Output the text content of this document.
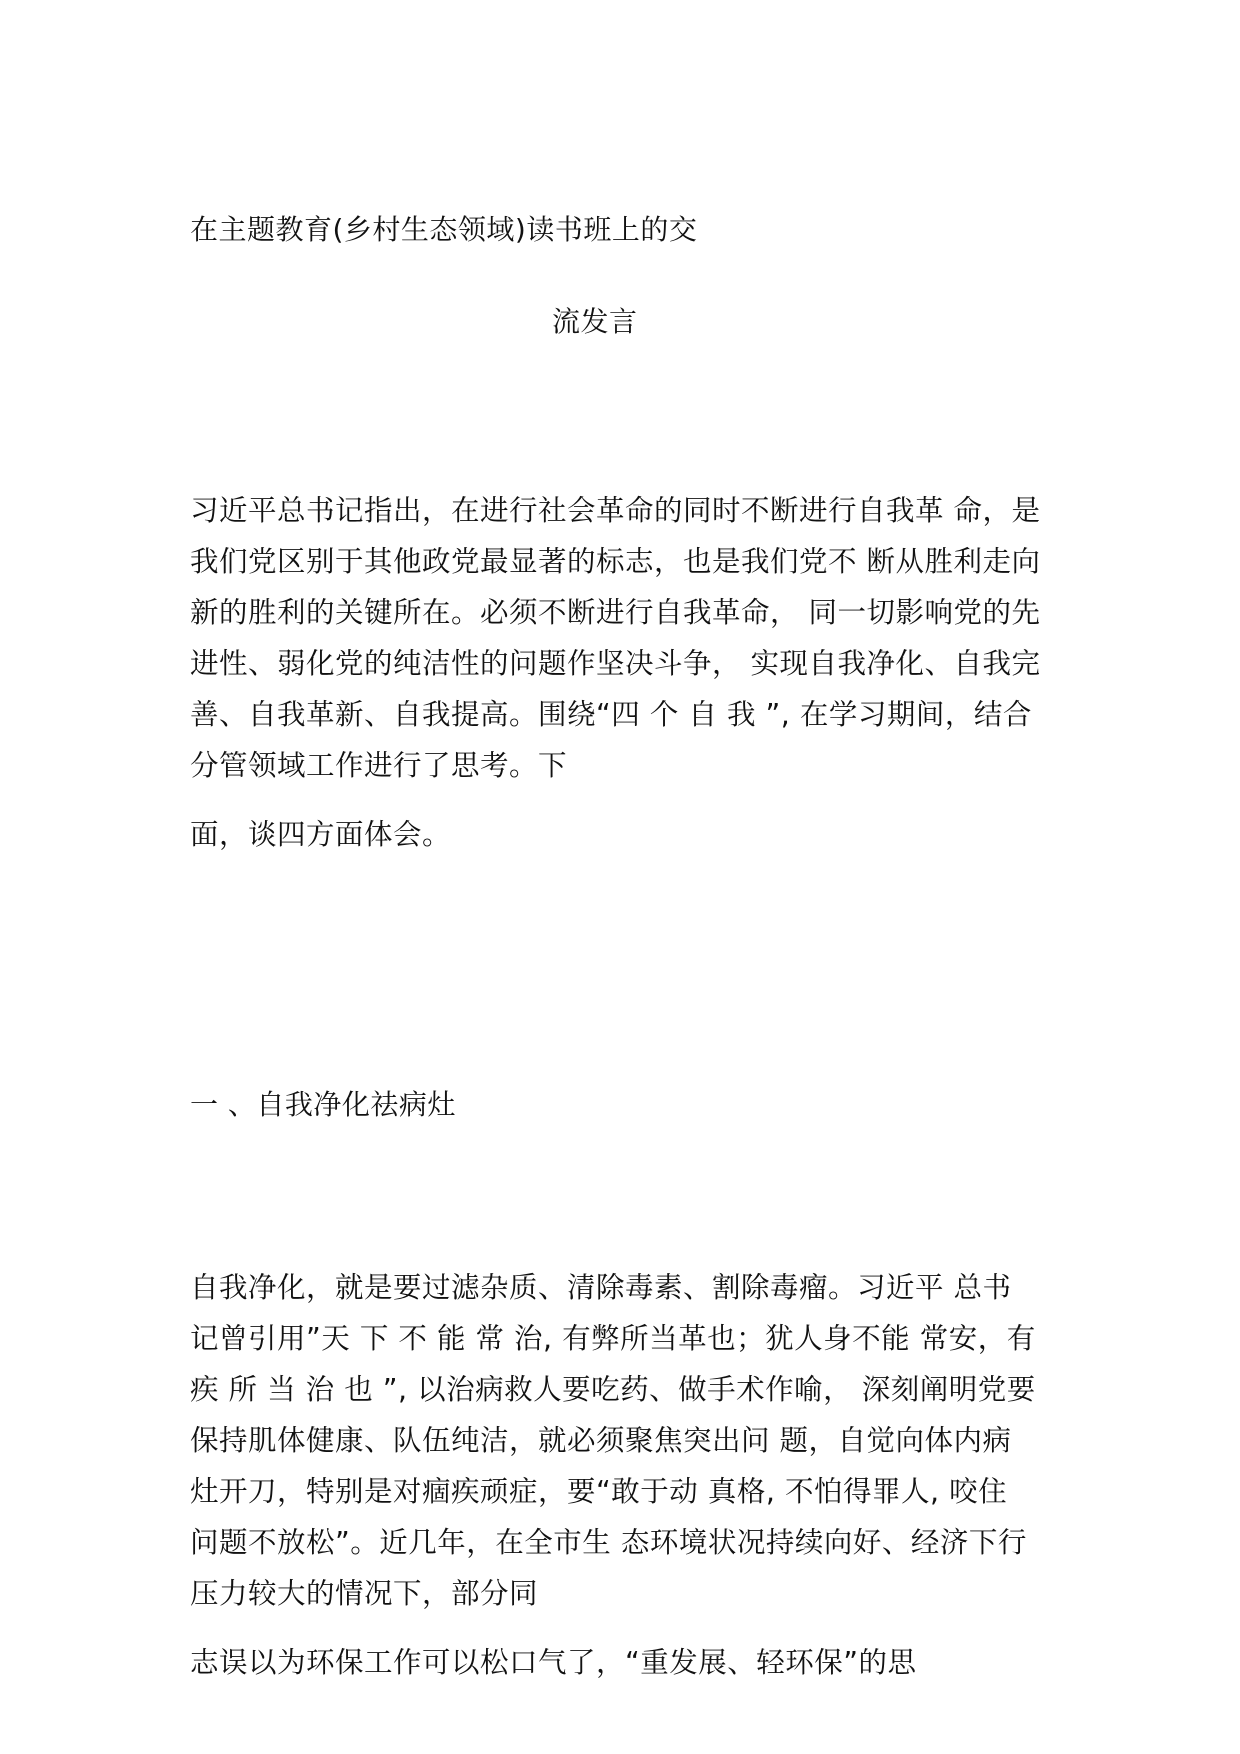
在主题教育(乡村生态领域)读书班上的交
流发言
习近平总书记指出，在进行社会革命的同时不断进行自我革 命，是
我们党区别于其他政党最显著的标志，也是我们党不 断从胜利走向
新的胜利的关键所在。必须不断进行自我革命， 同一切影响党的先
进性、弱化党的纯洁性的问题作坚决斗争， 实现自我净化、自我完
善、自我革新、自我提高。围绕“四 个 自 我 ”, 在学习期间，结合
分管领域工作进行了思考。下
面，谈四方面体会。
一 、自我净化祛病灶
自我净化，就是要过滤杂质、清除毒素、割除毒瘤。习近平 总书
记曾引用”天 下 不 能 常 治, 有弊所当革也；犹人身不能 常安，有
疾 所 当 治 也 ”, 以治病救人要吃药、做手术作喻， 深刻阐明党要
保持肌体健康、队伍纯洁，就必须聚焦突出问 题，自觉向体内病
灶开刀，特别是对痼疾顽症，要“敢于动 真格, 不怕得罪人, 咬住
问题不放松”。近几年，在全市生 态环境状况持续向好、经济下行
压力较大的情况下，部分同
志误以为环保工作可以松口气了，“重发展、轻环保”的思
